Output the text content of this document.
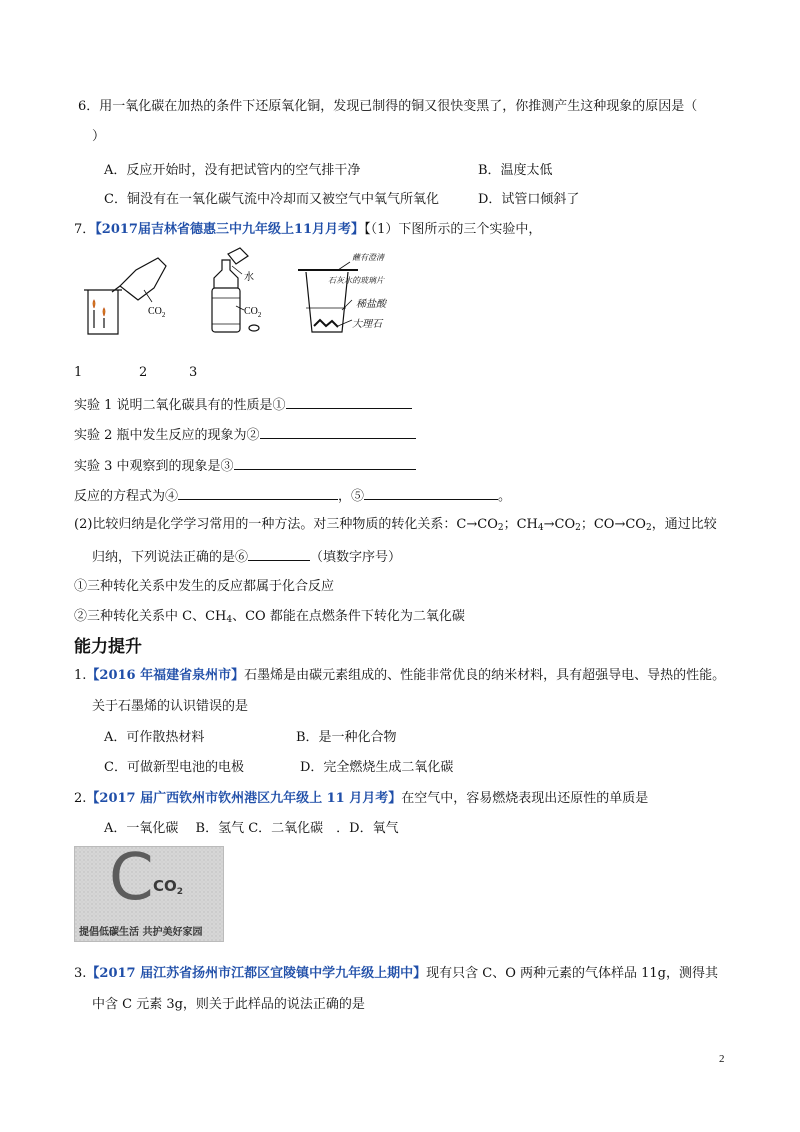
6．用一氧化碳在加热的条件下还原氧化铜，发现已制得的铜又很快变黑了，你推测产生这种现象的原因是（
）
A．反应开始时，没有把试管内的空气排干净	B．温度太低
C．铜没有在一氧化碳气流中冷却而又被空气中氧气所氧化	D．试管口倾斜了
7．【2017届吉林省德惠三中九年级上11月月考】【（1）下图所示的三个实验中，
$CO_2$
水
$CO_2$
蘸有澄清
石灰水的玻璃片
稀盐酸
大理石
1	2	3
实验 1 说明二氧化碳具有的性质是①
实验 2 瓶中发生反应的现象为②
实验 3 中观察到的现象是③
反应的方程式为④	，⑤	。
(2)比较归纳是化学学习常用的一种方法。对三种物质的转化关系：$C\to CO_2$；$CH_4\to CO_2$；$CO\to CO_2$，通过比较
归纳，下列说法正确的是⑥	（填数字序号）
①三种转化关系中发生的反应都属于化合反应
②三种转化关系中 C、$CH_4$、CO 都能在点燃条件下转化为二氧化碳
能力提升
1.【2016 年福建省泉州市】石墨烯是由碳元素组成的、性能非常优良的纳米材料，具有超强导电、导热的性能。
关于石墨烯的认识错误的是
A．可作散热材料	B．是一种化合物
C．可做新型电池的电极	D．完全燃烧生成二氧化碳
2.【2017 届广西钦州市钦州港区九年级上 11 月月考】在空气中，容易燃烧表现出还原性的单质是
A．一氧化碳　 B．氢气 C．二氧化碳　．D．氧气
C $CO_2$
提倡低碳生活 共护美好家园
3.【2017 届江苏省扬州市江都区宜陵镇中学九年级上期中】现有只含 C、O 两种元素的气体样品 11g，测得其
中含 C 元素 3g，则关于此样品的说法正确的是
2
